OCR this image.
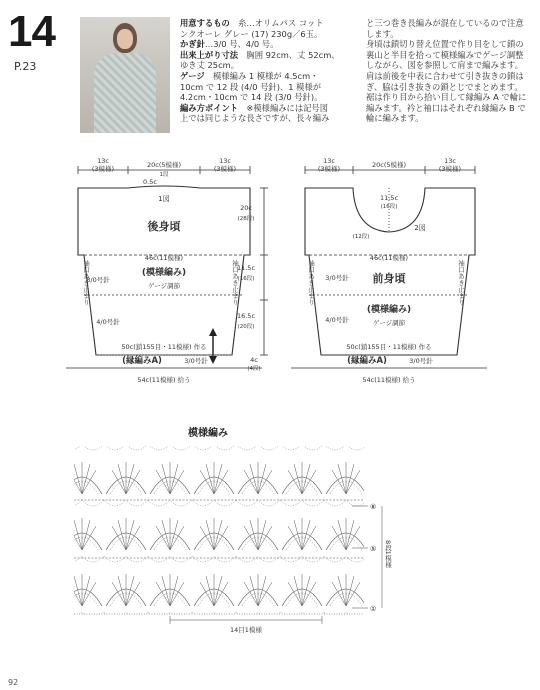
14
P.23
用意するもの　 糸…オリムパス コット
ンクオーレ グレー (17) 230g／6玉。
かぎ針…3/0 号、4/0 号。
出来上がり寸法　 胸囲 92cm、丈 52cm、
ゆき丈 25cm。
ゲージ　 模様編み 1 模様が 4.5cm・
10cm で 12 段 (4/0 号針)、1 模様が
4.2cm・10cm で 14 段 (3/0 号針)。
編み方ポイント　 ※模様編みには記号図
上では同じような長さですが、長々編み
と三つ巻き長編みが混在しているので注意
します。
身頃は鎖切り替え位置で作り目をして鎖の
裏山と半目を拾って模様編みでゲージ調整
しながら、図を参照して肩まで編みます。
肩は前後を中表に合わせて引き抜きの鎖は
ぎ、脇は引き抜きの鎖とじでまとめます。
裾は作り目から拾い目して縁編み A で輪に
編みます。衿と袖口はそれぞれ縁編み B で
輪に編みます。
13c
(3模様)	20c(5模様)
1段
13c
(3模様)
0.5c
1図
後身頃
46c(11模様)
(模様編み)
ゲージ調節
3/0号針
4/0号針
50c(鎖155目・11模様) 作る
(縁編みA)	3/0号針
54c(11模様) 拾う
20c
(28段)
11.5c
(16段)
16.5c
(20段)
4c
(4段)
袖口あき止まり	袖口あき止まり
13c
(3模様)	20c(5模様)	13c
(3模様)
11.5c
(16段)
2図
(12段)
46c(11模様)
前身頃
(模様編み)
ゲージ調節
3/0号針
4/0号針
50c(鎖155目・11模様) 作る
(縁編みA)	3/0号針
54c(11模様) 拾う
袖口あき止まり	袖口あき止まり
模様編み
⑧
⑤
①
8段1模様
14目1模様
92
